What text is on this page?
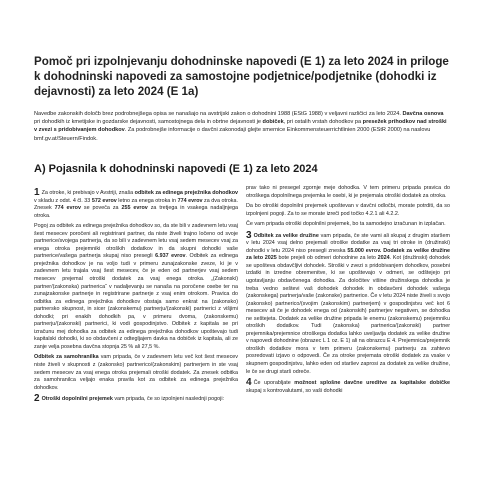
Pomoč pri izpolnjevanju dohodninske napovedi (E 1) za leto 2024 in priloge k dohodninski napovedi za samostojne podjetnice/podjetnike (dohodki iz dejavnosti) za leto 2024 (E 1a)

Navedbe zakonskih določb brez podrobnejšega opisa se nanašajo na avstrijski zakon o dohodnini 1988 (EStG 1988) v veljavni različici za leto 2024. Davčna osnova pri dohodkih iz kmetijske in gozdarske dejavnosti, samostojnega dela in obrtne dejavnosti je dobiček, pri ostalih vrstah dohodkov pa presežek prihodkov nad stroški v zvezi s pridobivanjem dohodkov. Za podrobnejše informacije o davčni zakonodaji glejte smernice Einkommensteuerrichtlinien 2000 (EStR 2000) na naslovu bmf.gv.at/Steuern/Findok.

A) Pojasnila k dohodninski napovedi (E 1) za leto 2024

1 Za otroke, ki prebivajo v Avstriji, znaša odbitek za edinega preježnika dohodkov v skladu z odst. 4 čl. 33 572 evrov letno za enega otroka in 774 evrov za dva otroka. Znesek 774 evrov se poveča za 255 evrov za tretjega in vsakega nadaljnjega otroka.

Pogoj za odbitek za edinega preježnika dohodkov so, da ste bili v zadevnem letu vsaj šest mesecev poročeni ali registrirani partner, da niste živeli trajno ločeno od svoje partnerice/svojega partnerja, da so bili v zadevnem letu vsaj sedem mesecev vsaj za enega otroka prejemniki otroških dodatkov in da skupni dohodki vaše partnerice/vašega partnerja skupaj niso presegli 6.937 evrov. Odbitek za edinega preježnika dohodkov je na voljo tudi v primeru zunajzakonske zveze, ki je v zadevnem letu trajala vsaj šest mesecev, če je eden od partnerjev vsaj sedem mesecev prejemal otroški dodatek za vsaj enega otroka. „(Zakonski) partner/(zakonska) partnerica“ v nadaljevanju se nanaša na poročene osebe ter na zunajzakonske partnerje in registrirane partnerje z vsaj enim otrokom. Pravica do odbitka za edinega preježnika dohodkov obstaja samo enkrat na (zakonsko) partnersko skupnost, in sicer (zakonskemu) partnerju/(zakonski) partnerici z višjimi dohodki; pri enakih dohodkih pa, v primeru dvoma, (zakonskemu) partnerju/(zakonski) partnerici, ki vodi gospodinjstvo. Odbitek z kapitala se pri izračunu mej dohodka za odbitek za edinega preježnika dohodkov upoštevajo tudi kapitalski dohodki, ki so obdavčeni z odtegljajem davka na dobiček iz kapitala, ali ze zanje velja posebna davčna stopnja 25 % ali 27,5 %.

Odbitek za samohranilka vam pripada, če v zadevnem letu več kot šest mesecev niste živeli v skupnosti z (zakonsko) partnerico/(zakonskim) partnerjem in ste vsaj sedem mesecev za vsaj enega otroka prejemali otroški dodatek. Za znesek odbitka za samohranilca veljajo enaka pravila kot za odbitek za edinega preježnika dohodkov.

2 Otroški dopolnilni prejemek vam pripada, če so izpolnjeni naslednji pogoji:

prav tako ni presegel zgornje meje dohodka. V tem primeru pripada pravica do otroškega dopolnilnega prejemka le osebi, ki je prejemala otroški dodatek za otroka.

Da bo otroški dopolnilni prejemek upoštevan v davčni odločbi, morate potrditi, da so izpolnjeni pogoji. Za to se morate izreči pod točko 4.2.1 ali 4.2.2.

Če vam pripada otroški dopolnilni prejemek, bo ta samodejno izračunan in izplačan.

3 Odbitek za velike družine vam pripada, če ste vami ali skupaj z drugim staršem v letu 2024 vsaj delno prejemali otroške dodatke za vsaj tri otroke in (družinski) dohodki v letu 2024 niso presegli zneska 55.000 evrov. Dodatek za velike družine za leto 2025 bote prejeli ob odmeri dohodnine za leto 2024. Kot (družinski) dohodek se upošteva obdavčljivi dohodek. Stroški v zvezi s pridobivanjem dohodkov, posebni izdatki in izredne obremenitve, ki se upoštevajo v odmeri, se odštejejo pri ugotavljanju obdavčenega dohodka. Za določitev višine družinskega dohodka je treba vedno seštevi vaš dohodek dohodek in obdavčeni dohodek vašega (zakonskega) partnerja/vaše (zakonske) partnerice. Če v letu 2024 niste živeli s svojo (zakonsko) partnerico/(svojim (zakonskim) partnerjem) v gospodinjstvu več kot 6 mesecev ali če je dohodek enega od (zakonskih) partnerjev negativen, se dohodka ne seštejeta. Dodatek za velike družine pripada le enemu (zakonskemu) prejemniku otroških dodatkov. Tudi (zakonska) partnerica/(zakonski) partner prejemnika/prejemnice otroškega dodatka lahko uveljavlja dodatek za velike družine v napovedi dohodnine (obrazec L 1 oz. E 1) ali na obrazcu E 4. Prejemnica/prejemnik otroških dodatkov mora v tem primeru (zakonskemu) partnerju za zahtevo posredovati izjavo o odpovedi. Če za otroke prejemata otroški dodatek za vsake v skupnem gospodinjstvu, lahko eden od staršev zaprosi za dodatek za velike družine, le če se drugi starš odreče.

4 Če uporabljate možnost splošne davčne ureditve za kapitalske dobičke skupaj s kontrovalutami, so vaši dohodki
